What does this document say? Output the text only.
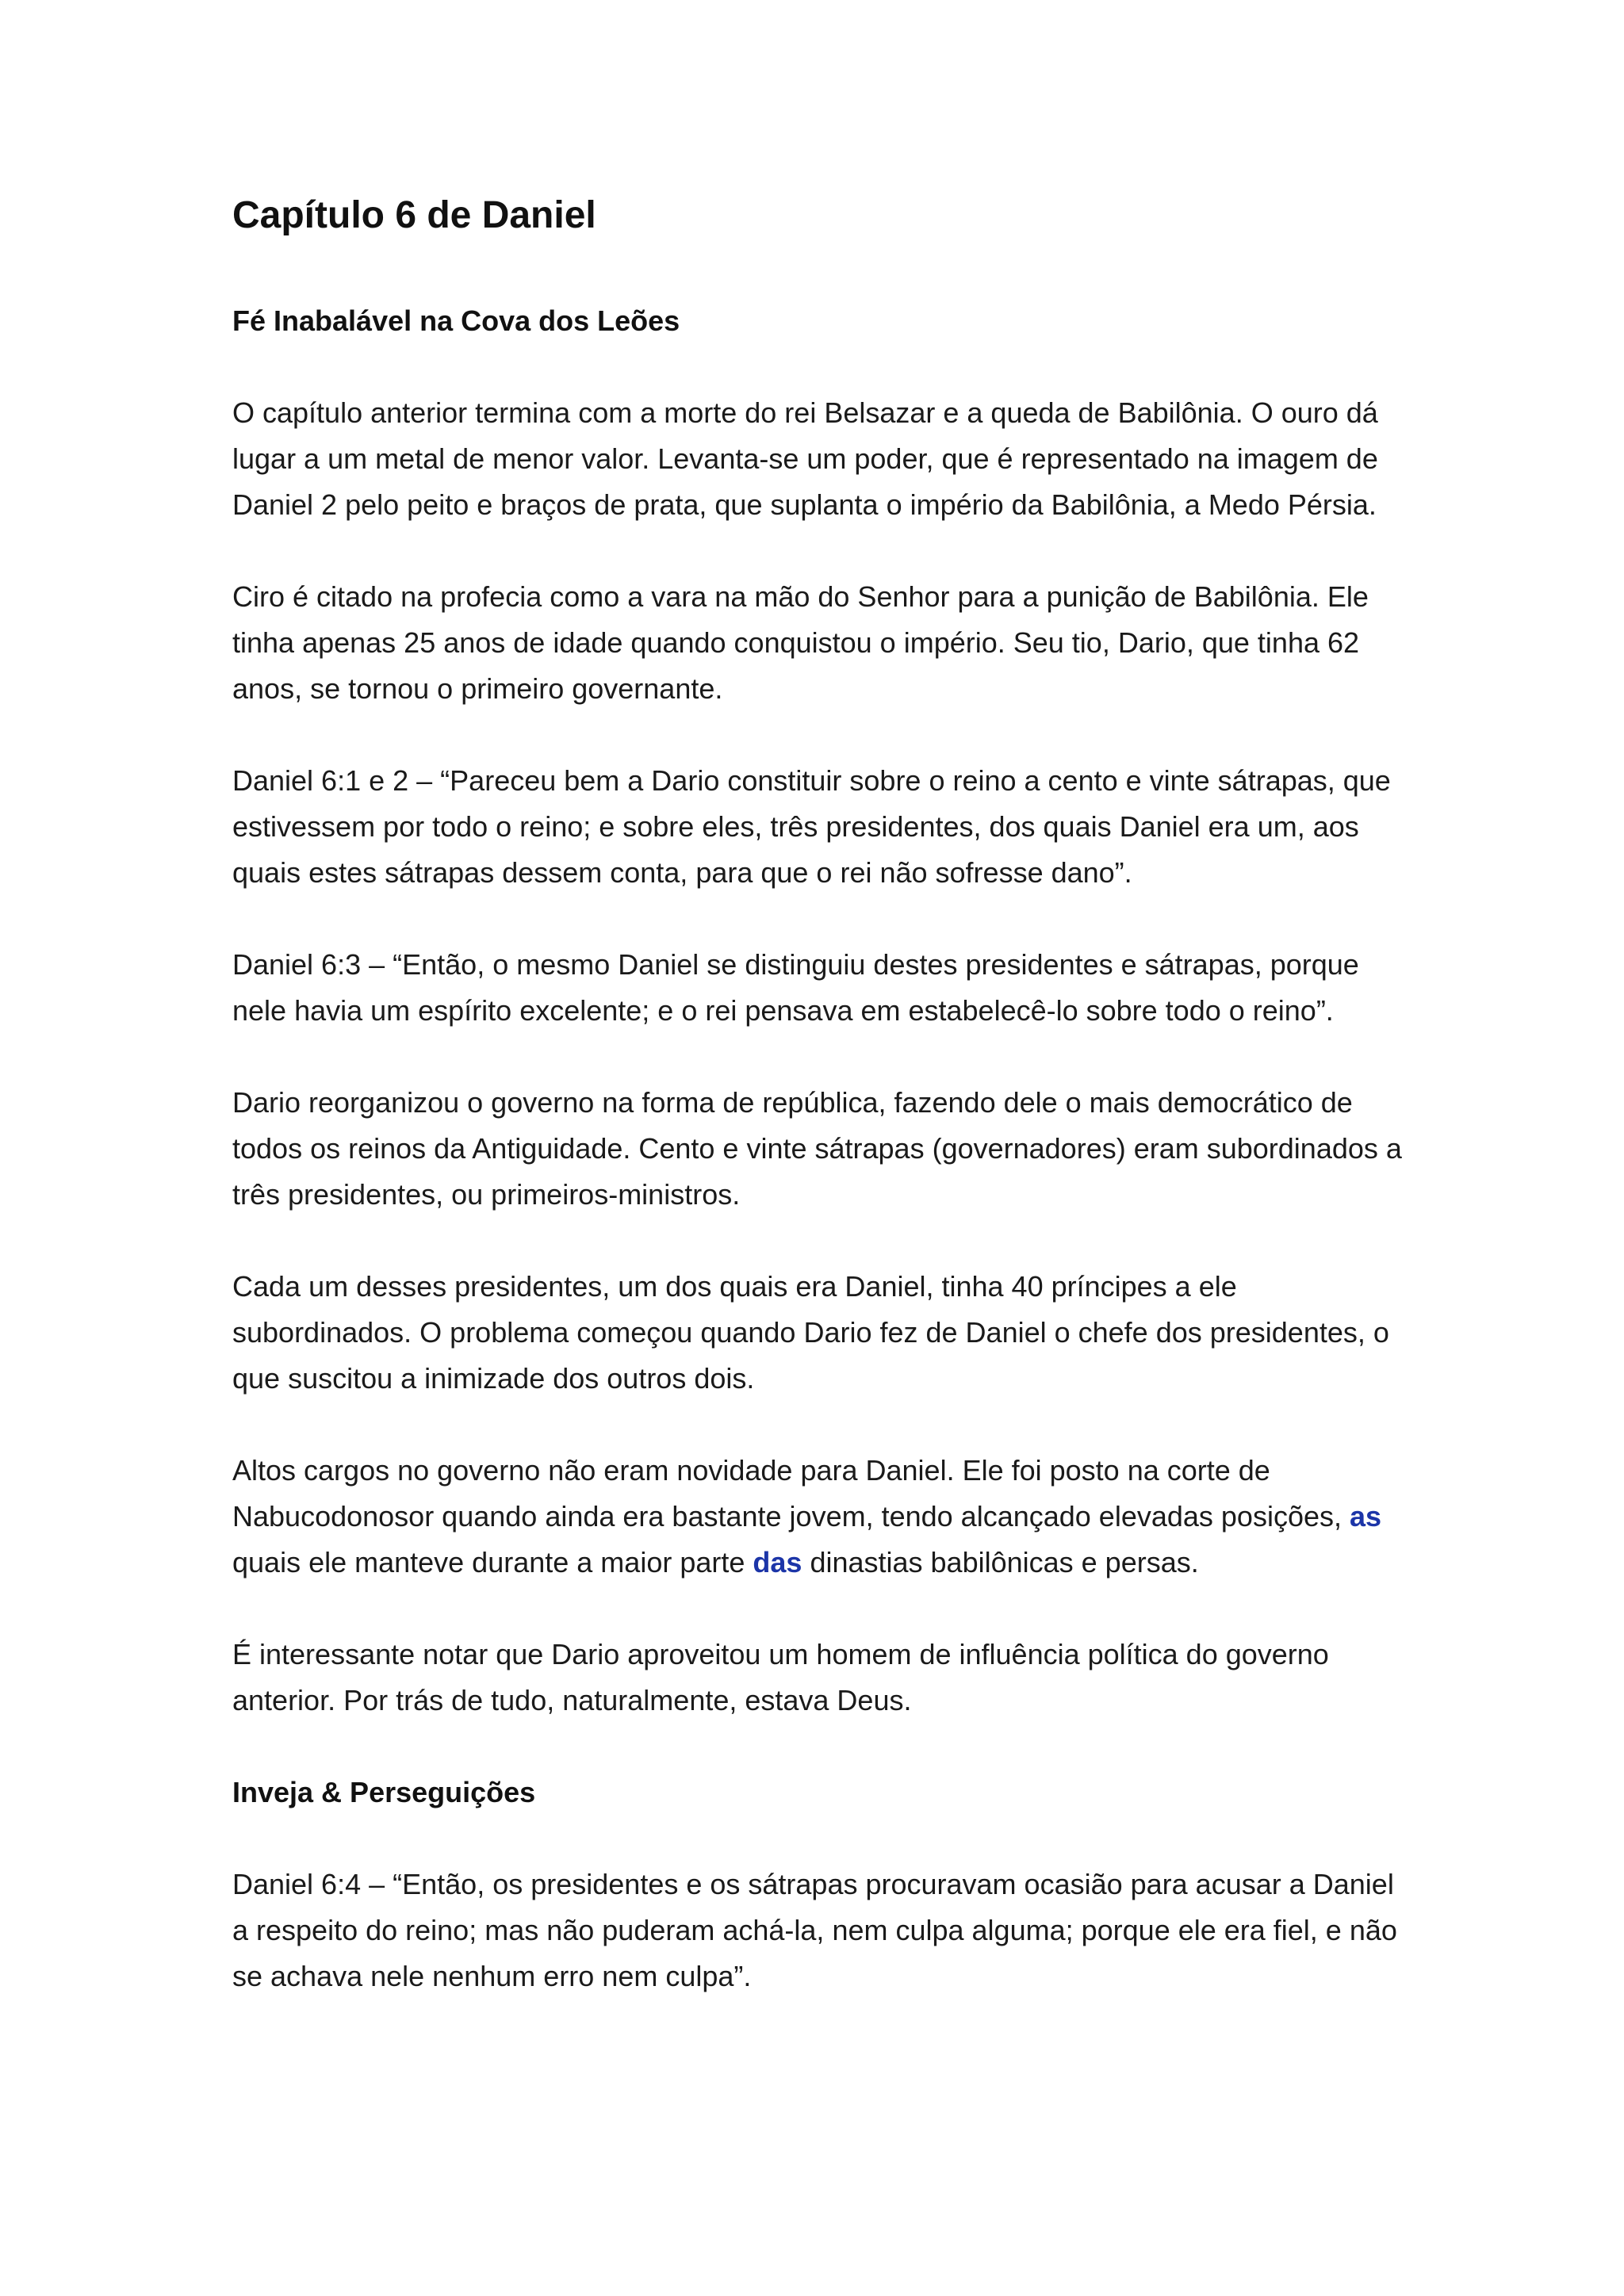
Capítulo 6 de Daniel
Fé Inabalável na Cova dos Leões

O capítulo anterior termina com a morte do rei Belsazar e a queda de Babilônia. O ouro dá lugar a um metal de menor valor. Levanta-se um poder, que é representado na imagem de Daniel 2 pelo peito e braços de prata, que suplanta o império da Babilônia, a Medo Pérsia.

Ciro é citado na profecia como a vara na mão do Senhor para a punição de Babilônia. Ele tinha apenas 25 anos de idade quando conquistou o império. Seu tio, Dario, que tinha 62 anos, se tornou o primeiro governante.

Daniel 6:1 e 2 – “Pareceu bem a Dario constituir sobre o reino a cento e vinte sátrapas, que estivessem por todo o reino; e sobre eles, três presidentes, dos quais Daniel era um, aos quais estes sátrapas dessem conta, para que o rei não sofresse dano”.

Daniel 6:3 – “Então, o mesmo Daniel se distinguiu destes presidentes e sátrapas, porque nele havia um espírito excelente; e o rei pensava em estabelecê-lo sobre todo o reino”.

Dario reorganizou o governo na forma de república, fazendo dele o mais democrático de todos os reinos da Antiguidade. Cento e vinte sátrapas (governadores) eram subordinados a três presidentes, ou primeiros-ministros.

Cada um desses presidentes, um dos quais era Daniel, tinha 40 príncipes a ele subordinados. O problema começou quando Dario fez de Daniel o chefe dos presidentes, o que suscitou a inimizade dos outros dois.

Altos cargos no governo não eram novidade para Daniel. Ele foi posto na corte de Nabucodonosor quando ainda era bastante jovem, tendo alcançado elevadas posições, as quais ele manteve durante a maior parte das dinastias babilônicas e persas.

É interessante notar que Dario aproveitou um homem de influência política do governo anterior. Por trás de tudo, naturalmente, estava Deus.

Inveja & Perseguições

Daniel 6:4 – “Então, os presidentes e os sátrapas procuravam ocasião para acusar a Daniel a respeito do reino; mas não puderam achá-la, nem culpa alguma; porque ele era fiel, e não se achava nele nenhum erro nem culpa”.
